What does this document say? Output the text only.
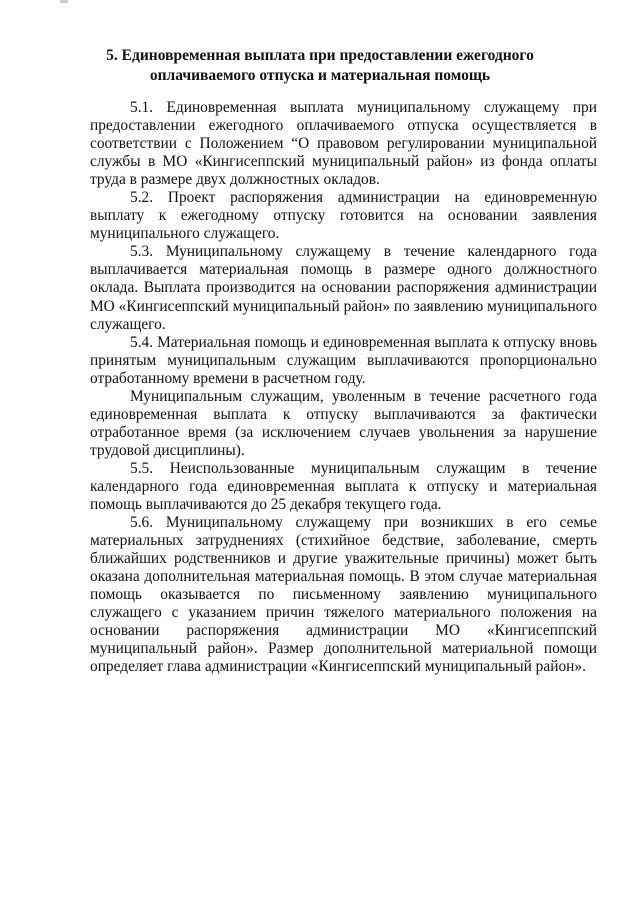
5. Единовременная выплата при предоставлении ежегодного
оплачиваемого отпуска и материальная помощь

5.1. Единовременная выплата муниципальному служащему при предоставлении ежегодного оплачиваемого отпуска осуществляется в соответствии с Положением “О правовом регулировании муниципальной службы в МО «Кингисеппский муниципальный район» из фонда оплаты труда в размере двух должностных окладов.

5.2. Проект распоряжения администрации на единовременную выплату к ежегодному отпуску готовится на основании заявления муниципального служащего.

5.3. Муниципальному служащему в течение календарного года выплачивается материальная помощь в размере одного должностного оклада. Выплата производится на основании распоряжения администрации МО «Кингисеппский муниципальный район» по заявлению муниципального служащего.

5.4. Материальная помощь и единовременная выплата к отпуску вновь принятым муниципальным служащим выплачиваются пропорционально отработанному времени в расчетном году.

Муниципальным служащим, уволенным в течение расчетного года единовременная выплата к отпуску выплачиваются за фактически отработанное время (за исключением случаев увольнения за нарушение трудовой дисциплины).

5.5. Неиспользованные муниципальным служащим в течение календарного года единовременная выплата к отпуску и материальная помощь выплачиваются до 25 декабря текущего года.

5.6. Муниципальному служащему при возникших в его семье материальных затруднениях (стихийное бедствие, заболевание, смерть ближайших родственников и другие уважительные причины) может быть оказана дополнительная материальная помощь. В этом случае материальная помощь оказывается по письменному заявлению муниципального служащего с указанием причин тяжелого материального положения на основании распоряжения администрации МО «Кингисеппский муниципальный район». Размер дополнительной материальной помощи определяет глава администрации «Кингисеппский муниципальный район».
